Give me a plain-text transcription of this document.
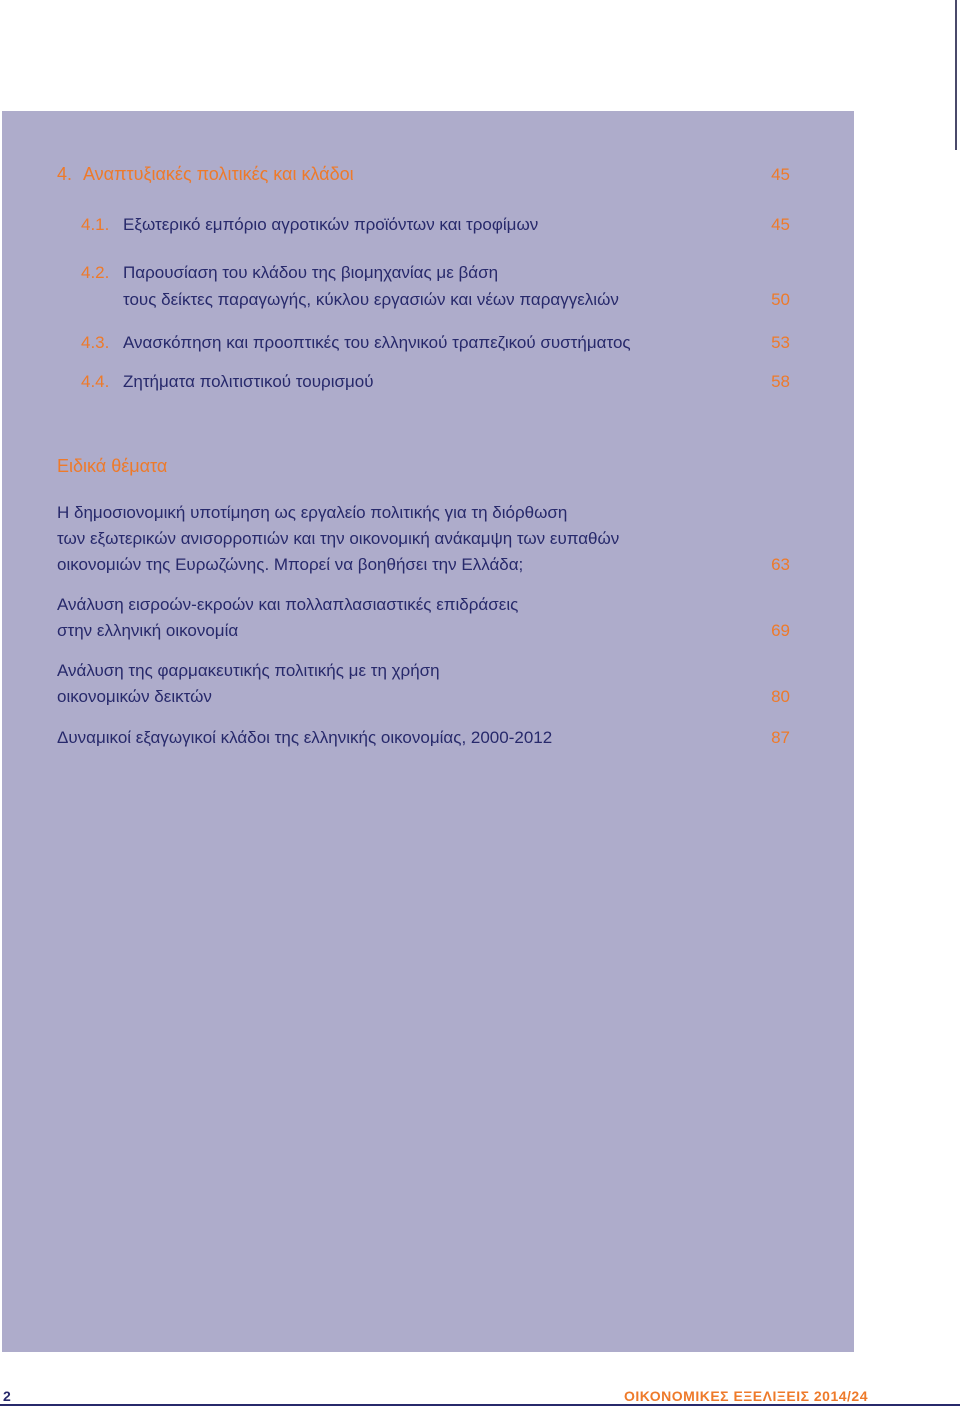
4. Αναπτυξιακές πολιτικές και κλάδοι	45
4.1. Εξωτερικό εμπόριο αγροτικών προϊόντων και τροφίμων	45
4.2. Παρουσίαση του κλάδου της βιομηχανίας με βάση
τους δείκτες παραγωγής, κύκλου εργασιών και νέων παραγγελιών	50
4.3. Ανασκόπηση και προοπτικές του ελληνικού τραπεζικού συστήματος	53
4.4. Ζητήματα πολιτιστικού τουρισμού	58
Ειδικά θέματα
Η δημοσιονομική υποτίμηση ως εργαλείο πολιτικής για τη διόρθωση
των εξωτερικών ανισορροπιών και την οικονομική ανάκαμψη των ευπαθών
οικονομιών της Ευρωζώνης. Μπορεί να βοηθήσει την Ελλάδα;	63
Ανάλυση εισροών-εκροών και πολλαπλασιαστικές επιδράσεις
στην ελληνική οικονομία	69
Ανάλυση της φαρμακευτικής πολιτικής με τη χρήση
οικονομικών δεικτών	80
Δυναμικοί εξαγωγικοί κλάδοι της ελληνικής οικονομίας, 2000-2012	87
2	ΟΙΚΟΝΟΜΙΚΕΣ ΕΞΕΛΙΞΕΙΣ 2014/24
